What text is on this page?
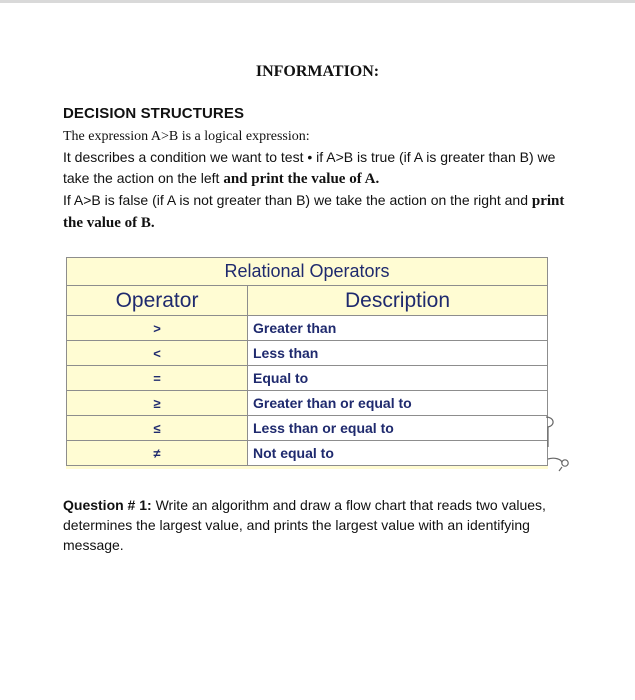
INFORMATION:
DECISION STRUCTURES
The expression A>B is a logical expression:
It describes a condition we want to test • if A>B is true (if A is greater than B) we take the action on the left and print the value of A.
If A>B is false (if A is not greater than B) we take the action on the right and print the value of B.
Relational Operators	
Operator	Description
>	Greater than
<	Less than
=	Equal to
≥	Greater than or equal to
≤	Less than or equal to
≠	Not equal to
Question # 1: Write an algorithm and draw a flow chart that reads two values, determines the largest value, and prints the largest value with an identifying message.
